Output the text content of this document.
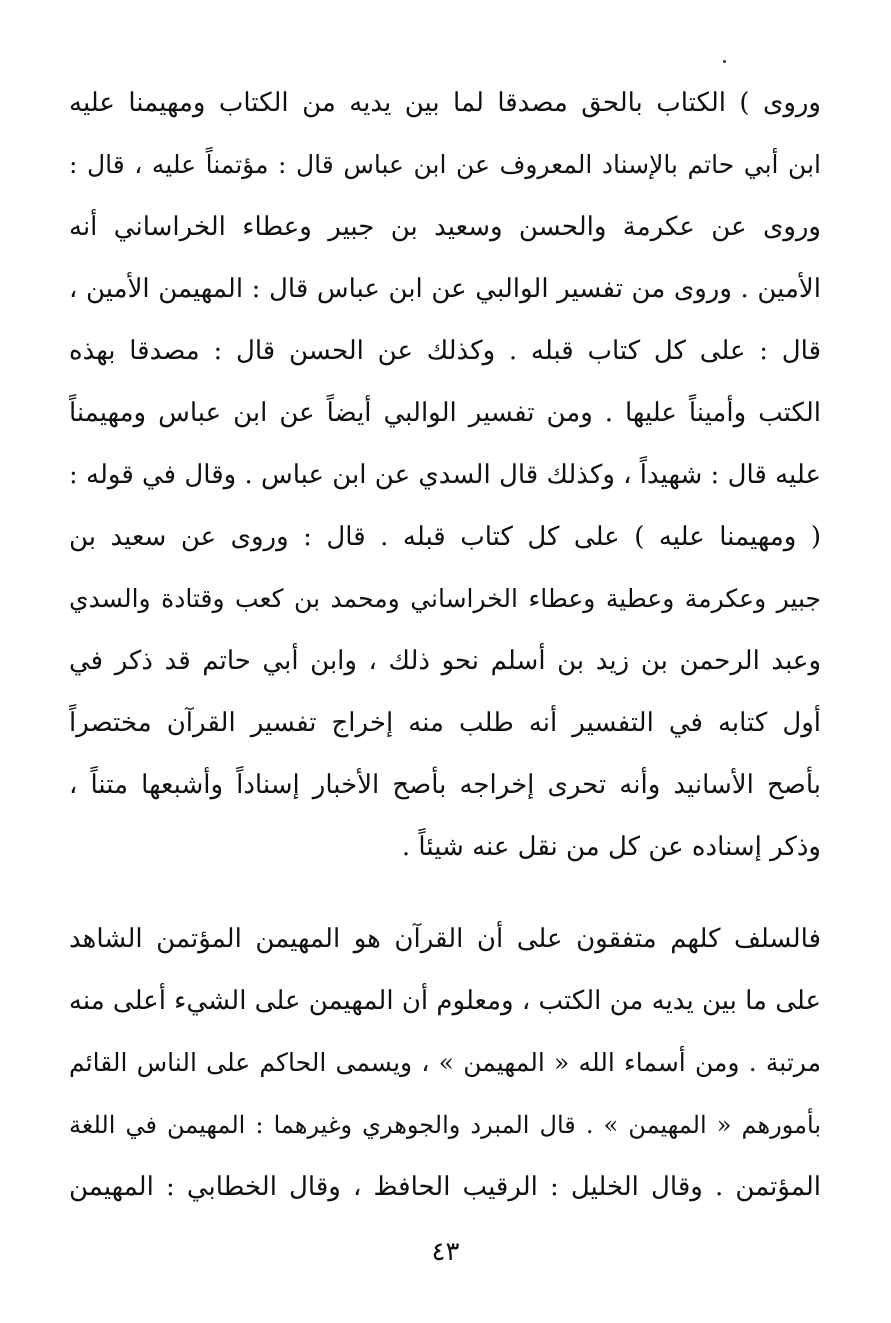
وروى ) الكتاب بالحق مصدقا لما بين يديه من الكتاب ومهيمنا عليه
ابن أبي حاتم بالإسناد المعروف عن ابن عباس قال : مؤتمناً عليه ، قال :
وروى عن عكرمة والحسن وسعيد بن جبير وعطاء الخراساني أنه
الأمين . وروى من تفسير الوالبي عن ابن عباس قال : المهيمن الأمين ،
قال : على كل كتاب قبله . وكذلك عن الحسن قال : مصدقا بهذه
الكتب وأميناً عليها . ومن تفسير الوالبي أيضاً عن ابن عباس ومهيمناً
عليه قال : شهيداً ، وكذلك قال السدي عن ابن عباس . وقال في قوله :
( ومهيمنا عليه ) على كل كتاب قبله . قال : وروى عن سعيد بن
جبير وعكرمة وعطية وعطاء الخراساني ومحمد بن كعب وقتادة والسدي
وعبد الرحمن بن زيد بن أسلم نحو ذلك ، وابن أبي حاتم قد ذكر في
أول كتابه في التفسير أنه طلب منه إخراج تفسير القرآن مختصراً
بأصح الأسانيد وأنه تحرى إخراجه بأصح الأخبار إسناداً وأشبعها متناً ،
وذكر إسناده عن كل من نقل عنه شيئاً .
فالسلف كلهم متفقون على أن القرآن هو المهيمن المؤتمن الشاهد
على ما بين يديه من الكتب ، ومعلوم أن المهيمن على الشيء أعلى منه
مرتبة . ومن أسماء الله « المهيمن » ، ويسمى الحاكم على الناس القائم
بأمورهم « المهيمن » . قال المبرد والجوهري وغيرهما : المهيمن في اللغة
المؤتمن . وقال الخليل : الرقيب الحافظ ، وقال الخطابي : المهيمن
٤٣
